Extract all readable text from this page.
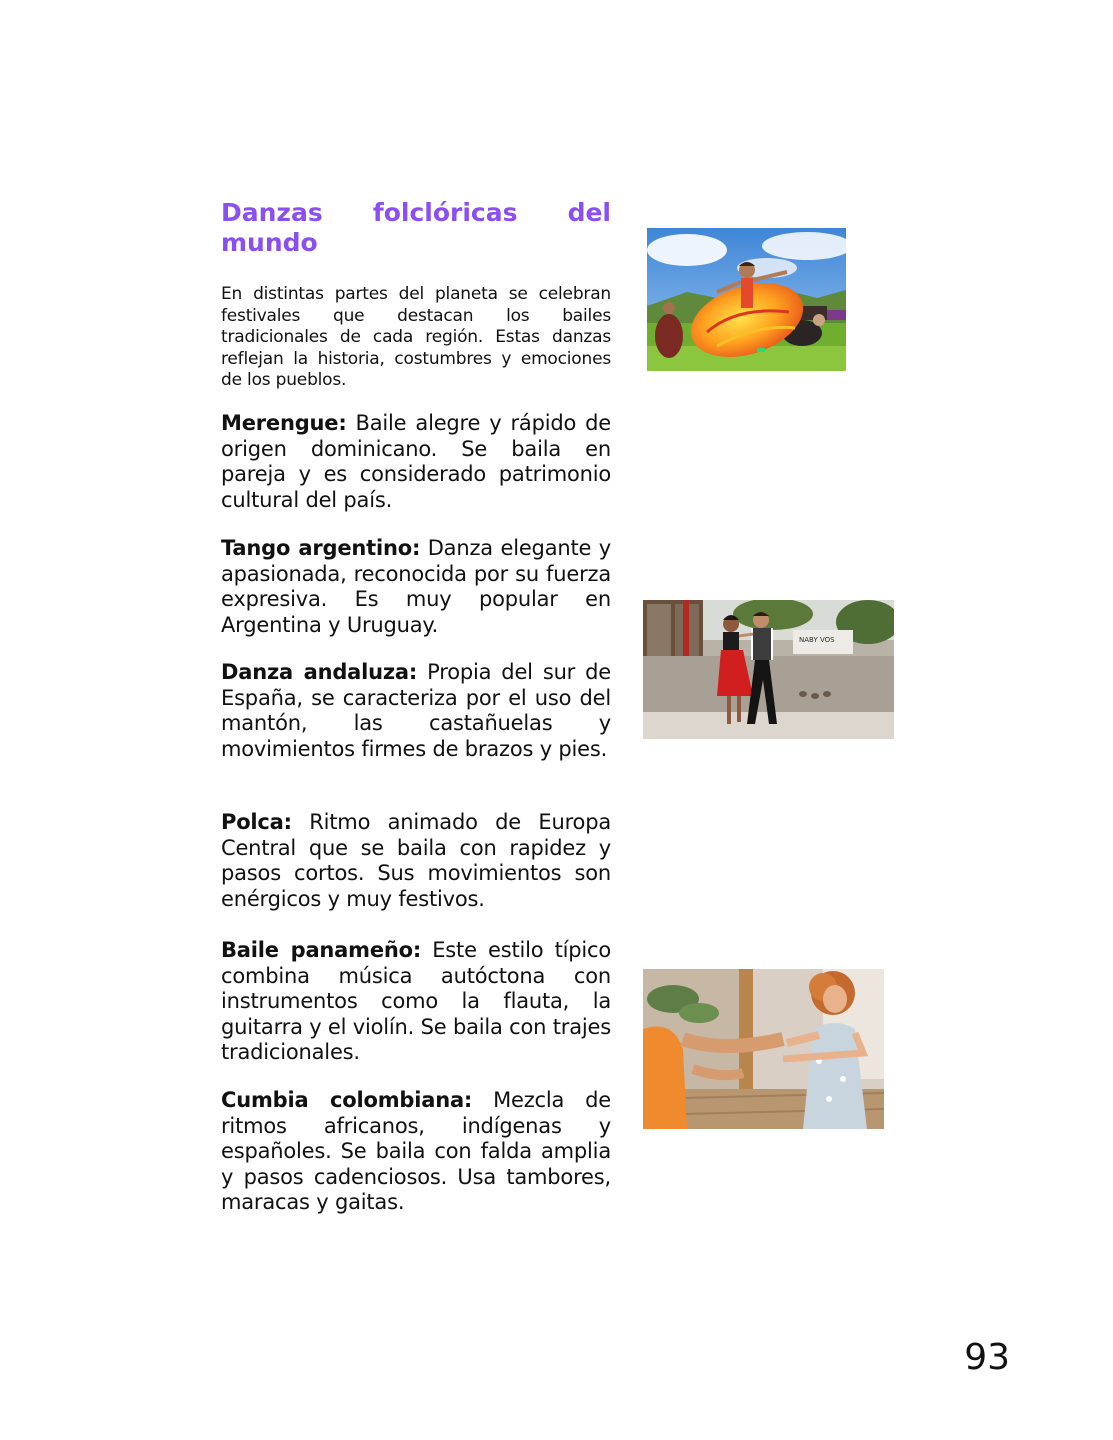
Danzas folclóricas del
mundo

En distintas partes del planeta se celebran festivales que destacan los bailes tradicionales de cada región. Estas danzas reflejan la historia, costumbres y emociones de los pueblos.

Merengue: Baile alegre y rápido de origen dominicano. Se baila en pareja y es considerado patrimonio cultural del país.

Tango argentino: Danza elegante y apasionada, reconocida por su fuerza expresiva. Es muy popular en Argentina y Uruguay.

Danza andaluza: Propia del sur de España, se caracteriza por el uso del mantón, las castañuelas y movimientos firmes de brazos y pies.

Polca: Ritmo animado de Europa Central que se baila con rapidez y pasos cortos. Sus movimientos son enérgicos y muy festivos.

Baile panameño: Este estilo típico combina música autóctona con instrumentos como la flauta, la guitarra y el violín. Se baila con trajes tradicionales.

Cumbia colombiana: Mezcla de ritmos africanos, indígenas y españoles. Se baila con falda amplia y pasos cadenciosos. Usa tambores, maracas y gaitas.

NABY VOS
93
